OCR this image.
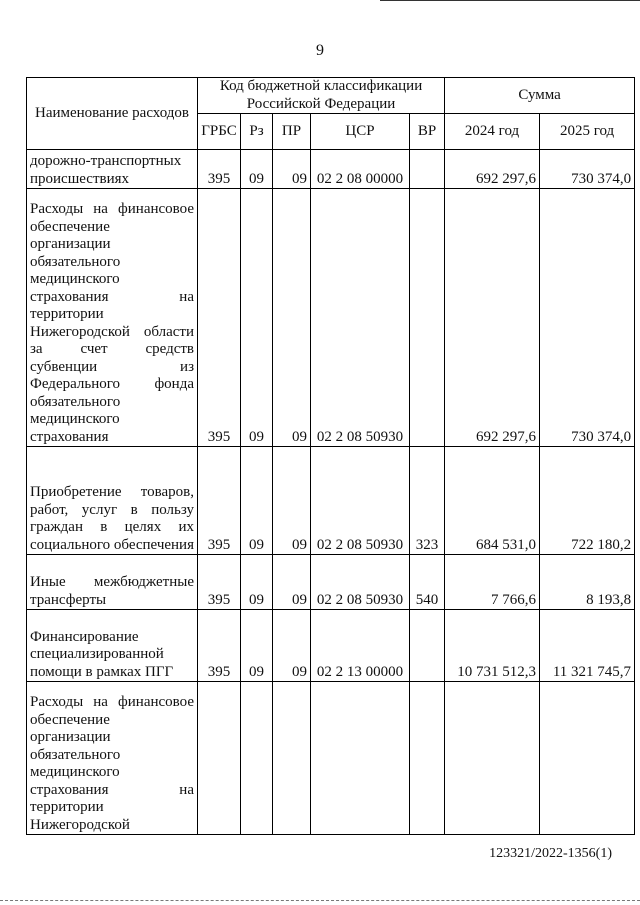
9
Наименование расходов	Код бюджетной классификации Российской Федерации					Сумма	
	ГРБС	Рз	ПР	ЦСР	ВР	2024 год	2025 год
дорожно-транспортных происшествиях	395	09	09	02 2 08 00000		692 297,6	730 374,0
Расходы на финансовое обеспечение организации обязательного медицинского страхования на территории Нижегородской области за счет средств субвенции из Федерального фонда обязательного медицинского страхования	395	09	09	02 2 08 50930		692 297,6	730 374,0
Приобретение товаров, работ, услуг в пользу граждан в целях их социального обеспечения	395	09	09	02 2 08 50930	323	684 531,0	722 180,2
Иные межбюджетные трансферты	395	09	09	02 2 08 50930	540	7 766,6	8 193,8
Финансирование специализированной помощи в рамках ПГГ	395	09	09	02 2 13 00000		10 731 512,3	11 321 745,7
Расходы на финансовое обеспечение организации обязательного медицинского страхования на территории Нижегородской							
123321/2022-1356(1)
